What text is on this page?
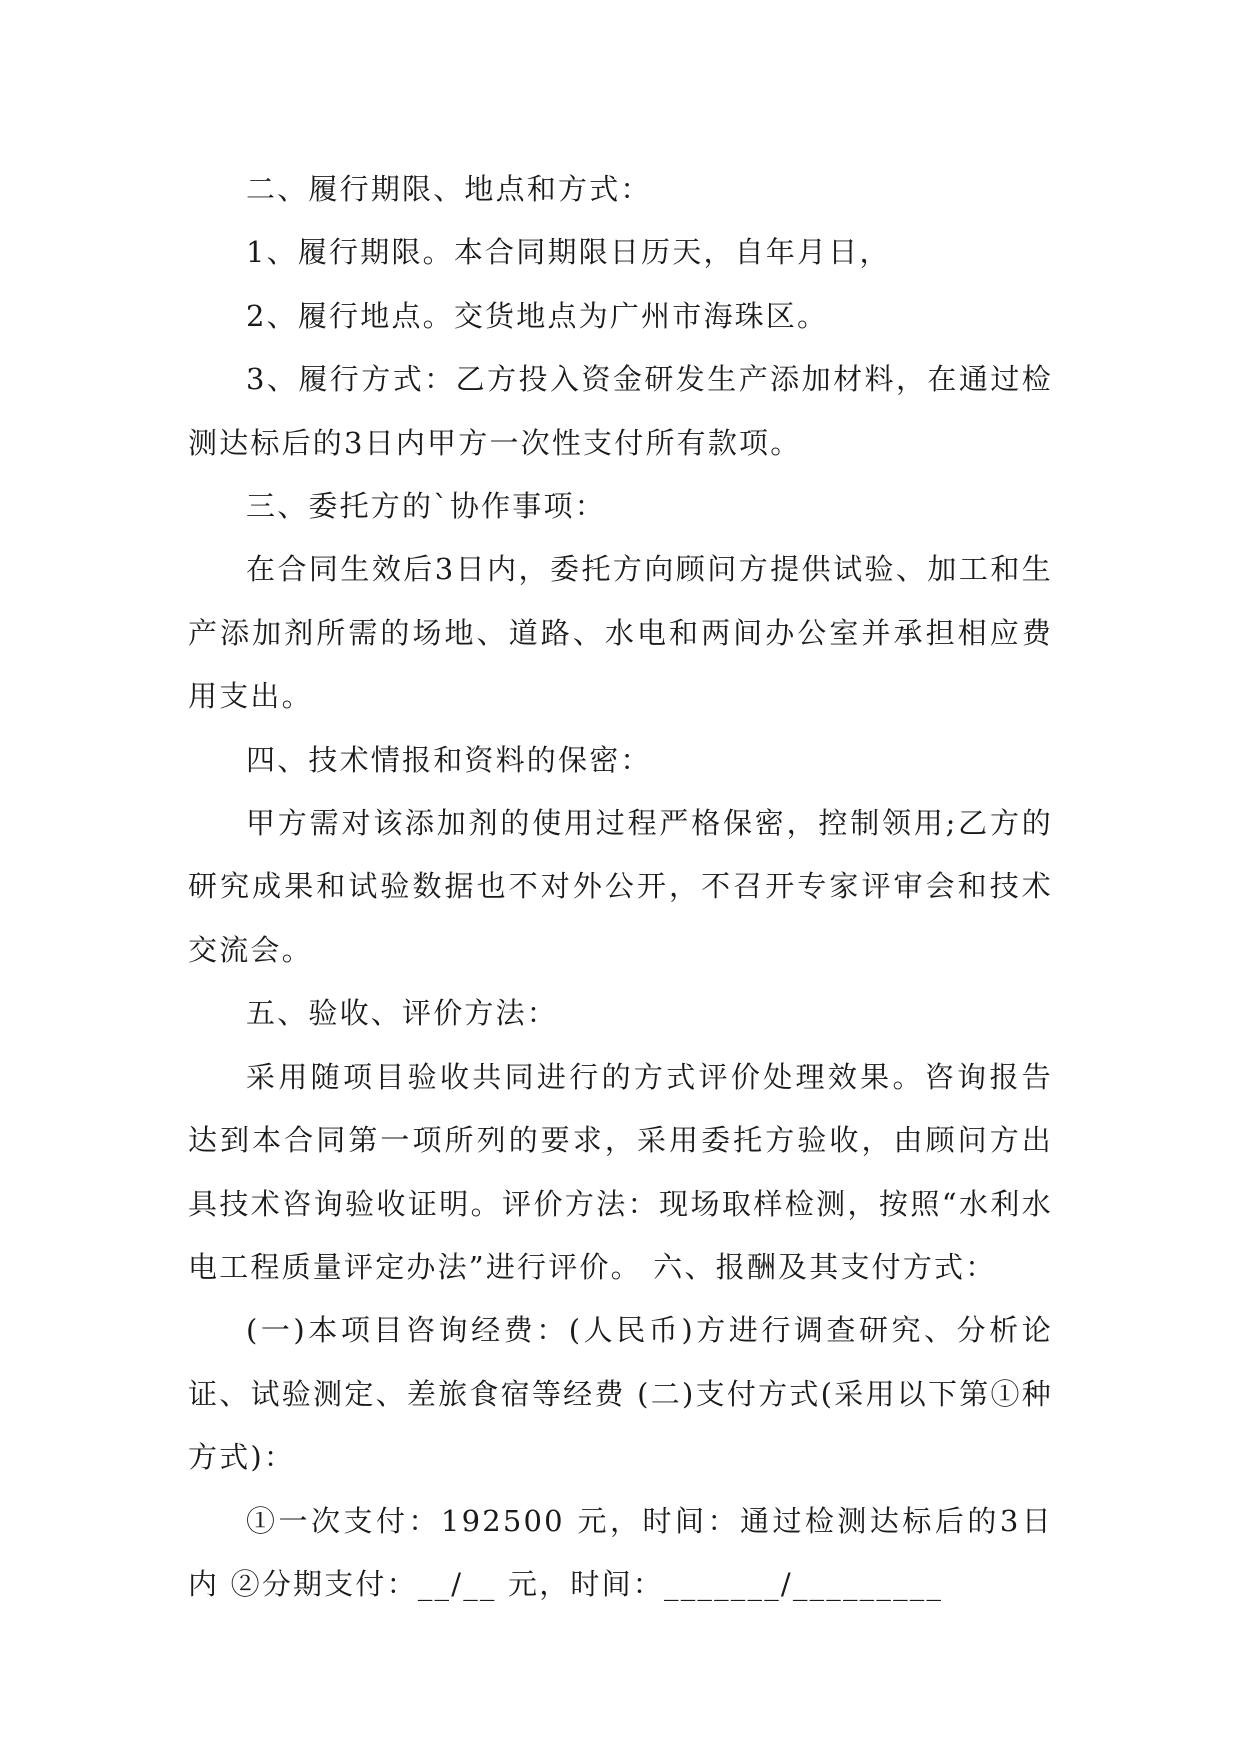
二、履行期限、地点和方式：

1、履行期限。本合同期限日历天，自年月日，

2、履行地点。交货地点为广州市海珠区。

3、履行方式：乙方投入资金研发生产添加材料，在通过检测达标后的3日内甲方一次性支付所有款项。

三、委托方的`协作事项：

在合同生效后3日内，委托方向顾问方提供试验、加工和生产添加剂所需的场地、道路、水电和两间办公室并承担相应费用支出。

四、技术情报和资料的保密：

甲方需对该添加剂的使用过程严格保密，控制领用;乙方的研究成果和试验数据也不对外公开，不召开专家评审会和技术交流会。

五、验收、评价方法：

采用随项目验收共同进行的方式评价处理效果。咨询报告达到本合同第一项所列的要求，采用委托方验收，由顾问方出具技术咨询验收证明。评价方法：现场取样检测，按照“水利水电工程质量评定办法”进行评价。 六、报酬及其支付方式：

(一)本项目咨询经费：(人民币)方进行调查研究、分析论证、试验测定、差旅食宿等经费 (二)支付方式(采用以下第①种方式)：

①一次支付：192500 元，时间：通过检测达标后的3日内 ②分期支付：__/__ 元，时间：_______/_________
